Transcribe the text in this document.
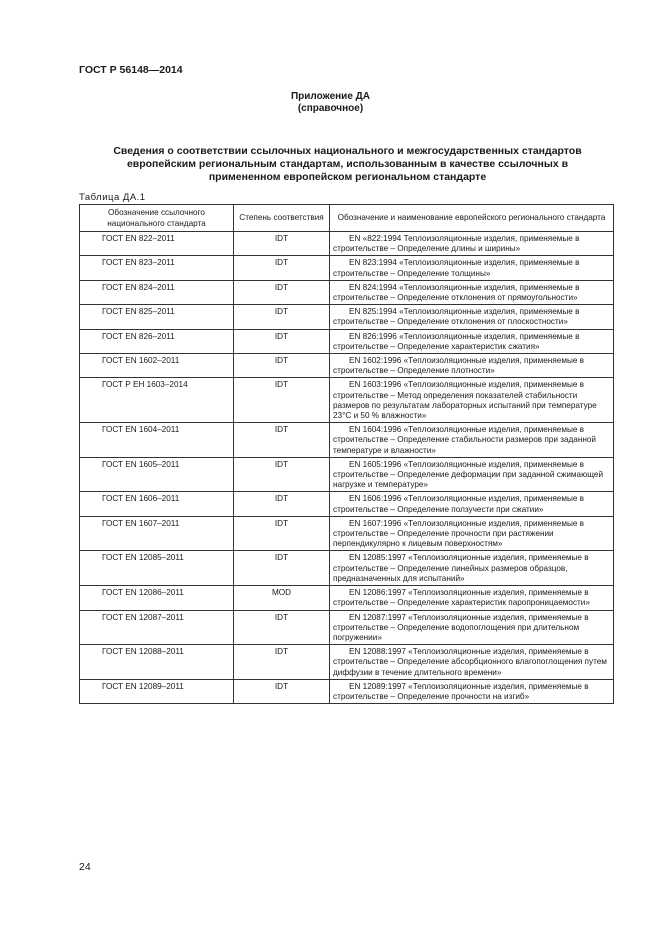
ГОСТ Р 56148—2014
Приложение ДА
(справочное)
Сведения о соответствии ссылочных национального и межгосударственных стандартов
европейским региональным стандартам, использованным в качестве ссылочных в
примененном европейском региональном стандарте
Таблица ДА.1
Обозначение ссылочного национального стандарта	Степень соответствия	Обозначение и наименование европейского регионального стандарта
ГОСТ EN 822–2011	IDT	EN «822:1994 Теплоизоляционные изделия, применяемые в строительстве – Определение длины и ширины»
ГОСТ EN 823–2011	IDT	EN 823:1994 «Теплоизоляционные изделия, применяемые в строительстве – Определение толщины»
ГОСТ EN 824–2011	IDT	EN 824:1994 «Теплоизоляционные изделия, применяемые в строительстве – Определение отклонения от прямоугольности»
ГОСТ EN 825–2011	IDT	EN 825:1994 «Теплоизоляционные изделия, применяемые в строительстве – Определение отклонения от плоскостности»
ГОСТ EN 826–2011	IDT	EN 826:1996 «Теплоизоляционные изделия, применяемые в строительстве – Определение характеристик сжатия»
ГОСТ EN 1602–2011	IDT	EN 1602:1996 «Теплоизоляционные изделия, применяемые в строительстве – Определение плотности»
ГОСТ Р ЕН 1603–2014	IDT	EN 1603:1996 «Теплоизоляционные изделия, применяемые в строительстве – Метод определения показателей стабильности размеров по результатам лабораторных испытаний при температуре 23°С и 50 % влажности»
ГОСТ EN 1604–2011	IDT	EN 1604:1996 «Теплоизоляционные изделия, применяемые в строительстве – Определение стабильности размеров при заданной температуре и влажности»
ГОСТ EN 1605–2011	IDT	EN 1605:1996 «Теплоизоляционные изделия, применяемые в строительстве – Определение деформации при заданной сжимающей нагрузке и температуре»
ГОСТ EN 1606–2011	IDT	EN 1606:1996 «Теплоизоляционные изделия, применяемые в строительстве – Определение ползучести при сжатии»
ГОСТ EN 1607–2011	IDT	EN 1607:1996 «Теплоизоляционные изделия, применяемые в строительстве – Определение прочности при растяжении перпендикулярно к лицевым поверхностям»
ГОСТ EN 12085–2011	IDT	EN 12085:1997 «Теплоизоляционные изделия, применяемые в строительстве – Определение линейных размеров образцов, предназначенных для испытаний»
ГОСТ EN 12086–2011	MOD	EN 12086:1997 «Теплоизоляционные изделия, применяемые в строительстве – Определение характеристик паропроницаемости»
ГОСТ EN 12087–2011	IDT	EN 12087:1997 «Теплоизоляционные изделия, применяемые в строительстве – Определение водопоглощения при длительном погружении»
ГОСТ EN 12088–2011	IDT	EN 12088:1997 «Теплоизоляционные изделия, применяемые в строительстве – Определение абсорбционного влагопоглощения путем диффузии в течение длительного времени»
ГОСТ EN 12089–2011	IDT	EN 12089:1997 «Теплоизоляционные изделия, применяемые в строительстве – Определение прочности на изгиб»
24
